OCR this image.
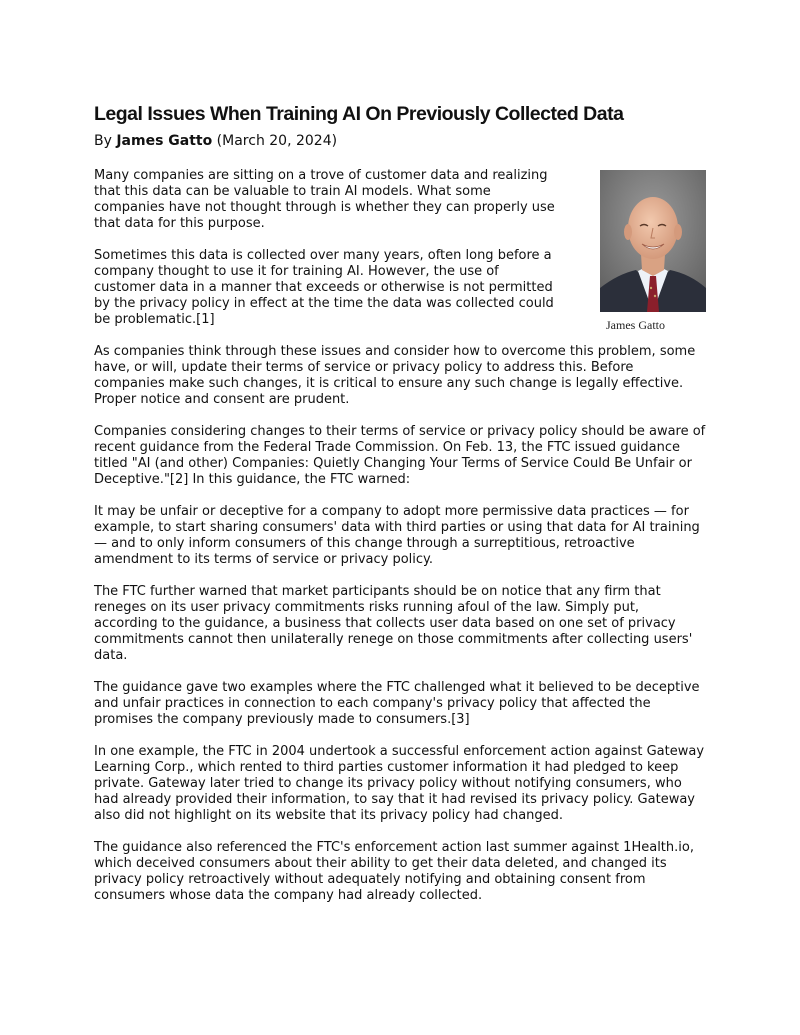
Legal Issues When Training AI On Previously Collected Data
By James Gatto (March 20, 2024)
James Gatto

Many companies are sitting on a trove of customer data and realizing that this data can be valuable to train AI models. What some companies have not thought through is whether they can properly use that data for this purpose.

Sometimes this data is collected over many years, often long before a company thought to use it for training AI. However, the use of customer data in a manner that exceeds or otherwise is not permitted by the privacy policy in effect at the time the data was collected could be problematic.[1]

As companies think through these issues and consider how to overcome this problem, some have, or will, update their terms of service or privacy policy to address this. Before companies make such changes, it is critical to ensure any such change is legally effective. Proper notice and consent are prudent.

Companies considering changes to their terms of service or privacy policy should be aware of recent guidance from the Federal Trade Commission. On Feb. 13, the FTC issued guidance titled "AI (and other) Companies: Quietly Changing Your Terms of Service Could Be Unfair or Deceptive."[2] In this guidance, the FTC warned:

It may be unfair or deceptive for a company to adopt more permissive data practices — for example, to start sharing consumers' data with third parties or using that data for AI training — and to only inform consumers of this change through a surreptitious, retroactive amendment to its terms of service or privacy policy.

The FTC further warned that market participants should be on notice that any firm that reneges on its user privacy commitments risks running afoul of the law. Simply put, according to the guidance, a business that collects user data based on one set of privacy commitments cannot then unilaterally renege on those commitments after collecting users' data.

The guidance gave two examples where the FTC challenged what it believed to be deceptive and unfair practices in connection to each company's privacy policy that affected the promises the company previously made to consumers.[3]

In one example, the FTC in 2004 undertook a successful enforcement action against Gateway Learning Corp., which rented to third parties customer information it had pledged to keep private. Gateway later tried to change its privacy policy without notifying consumers, who had already provided their information, to say that it had revised its privacy policy. Gateway also did not highlight on its website that its privacy policy had changed.

The guidance also referenced the FTC's enforcement action last summer against 1Health.io, which deceived consumers about their ability to get their data deleted, and changed its privacy policy retroactively without adequately notifying and obtaining consent from consumers whose data the company had already collected.
